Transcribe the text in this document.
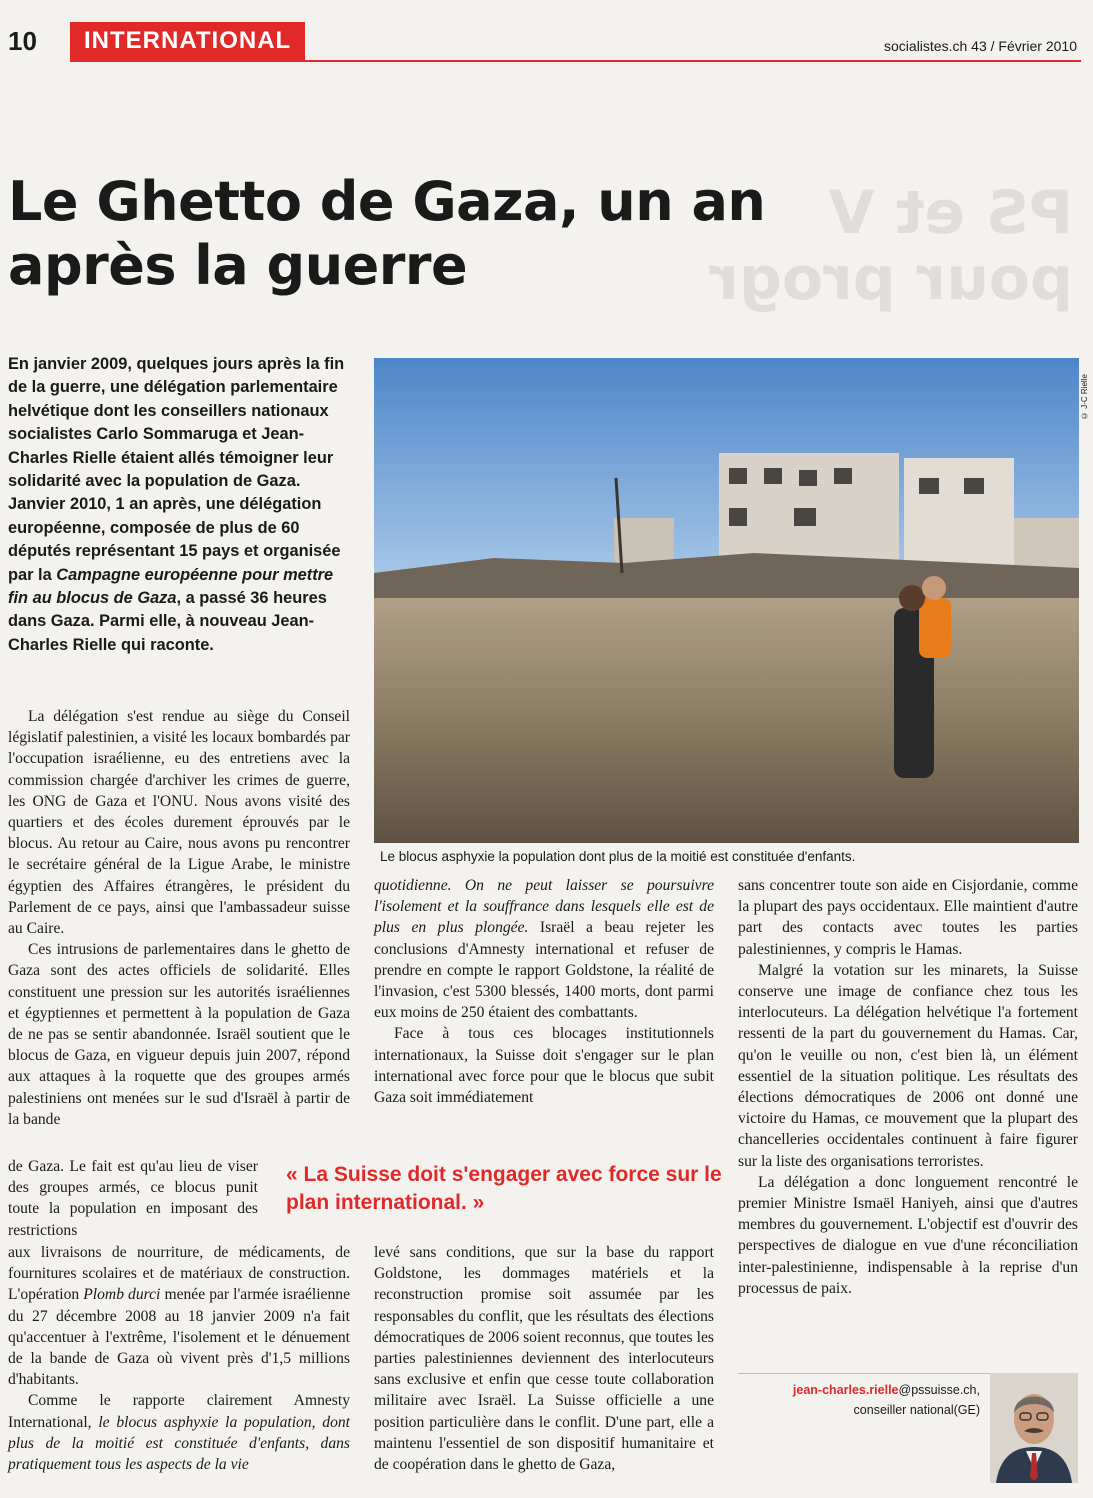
10	INTERNATIONAL	socialistes.ch 43 / Février 2010
PS et V
pour progr
Le Ghetto de Gaza, un an après la guerre

En janvier 2009, quelques jours après la fin de la guerre, une délégation parlementaire helvétique dont les conseillers nationaux socialistes Carlo Sommaruga et Jean-Charles Rielle étaient allés témoigner leur solidarité avec la population de Gaza. Janvier 2010, 1 an après, une délégation européenne, composée de plus de 60 députés représentant 15 pays et organisée par la Campagne européenne pour mettre fin au blocus de Gaza, a passé 36 heures dans Gaza. Parmi elle, à nouveau Jean-Charles Rielle qui raconte.

© J-C Rielle
Le blocus asphyxie la population dont plus de la moitié est constituée d'enfants.

La délégation s'est rendue au siège du Conseil législatif palestinien, a visité les locaux bombardés par l'occupation israélienne, eu des entretiens avec la commission chargée d'archiver les crimes de guerre, les ONG de Gaza et l'ONU. Nous avons visité des quartiers et des écoles durement éprouvés par le blocus. Au retour au Caire, nous avons pu rencontrer le secrétaire général de la Ligue Arabe, le ministre égyptien des Affaires étrangères, le président du Parlement de ce pays, ainsi que l'ambassadeur suisse au Caire.

Ces intrusions de parlementaires dans le ghetto de Gaza sont des actes officiels de solidarité. Elles constituent une pression sur les autorités israéliennes et égyptiennes et permettent à la population de Gaza de ne pas se sentir abandonnée. Israël soutient que le blocus de Gaza, en vigueur depuis juin 2007, répond aux attaques à la roquette que des groupes armés palestiniens ont menées sur le sud d'Israël à partir de la bande

de Gaza. Le fait est qu'au lieu de viser des groupes armés, ce blocus punit toute la population en imposant des restrictions

aux livraisons de nourriture, de médicaments, de fournitures scolaires et de matériaux de construction. L'opération Plomb durci menée par l'armée israélienne du 27 décembre 2008 au 18 janvier 2009 n'a fait qu'accentuer à l'extrême, l'isolement et le dénuement de la bande de Gaza où vivent près d'1,5 millions d'habitants.

Comme le rapporte clairement Amnesty International, le blocus asphyxie la population, dont plus de la moitié est constituée d'enfants, dans pratiquement tous les aspects de la vie

quotidienne. On ne peut laisser se poursuivre l'isolement et la souffrance dans lesquels elle est de plus en plus plongée. Israël a beau rejeter les conclusions d'Amnesty international et refuser de prendre en compte le rapport Goldstone, la réalité de l'invasion, c'est 5300 blessés, 1400 morts, dont parmi eux moins de 250 étaient des combattants.

Face à tous ces blocages institutionnels internationaux, la Suisse doit s'engager sur le plan international avec force pour que le blocus que subit Gaza soit immédiatement

« La Suisse doit s'engager avec force sur le plan international. »

levé sans conditions, que sur la base du rapport Goldstone, les dommages matériels et la reconstruction promise soit assumée par les responsables du conflit, que les résultats des élections démocratiques de 2006 soient reconnus, que toutes les parties palestiniennes deviennent des interlocuteurs sans exclusive et enfin que cesse toute collaboration militaire avec Israël. La Suisse officielle a une position particulière dans le conflit. D'une part, elle a maintenu l'essentiel de son dispositif humanitaire et de coopération dans le ghetto de Gaza,

sans concentrer toute son aide en Cisjordanie, comme la plupart des pays occidentaux. Elle maintient d'autre part des contacts avec toutes les parties palestiniennes, y compris le Hamas.

Malgré la votation sur les minarets, la Suisse conserve une image de confiance chez tous les interlocuteurs. La délégation helvétique l'a fortement ressenti de la part du gouvernement du Hamas. Car, qu'on le veuille ou non, c'est bien là, un élément essentiel de la situation politique. Les résultats des élections démocratiques de 2006 ont donné une victoire du Hamas, ce mouvement que la plupart des chancelleries occidentales continuent à faire figurer sur la liste des organisations terroristes.

La délégation a donc longuement rencontré le premier Ministre Ismaël Haniyeh, ainsi que d'autres membres du gouvernement. L'objectif est d'ouvrir des perspectives de dialogue en vue d'une réconciliation inter-palestinienne, indispensable à la reprise d'un processus de paix.

jean-charles.rielle@pssuisse.ch,
conseiller national(GE)
